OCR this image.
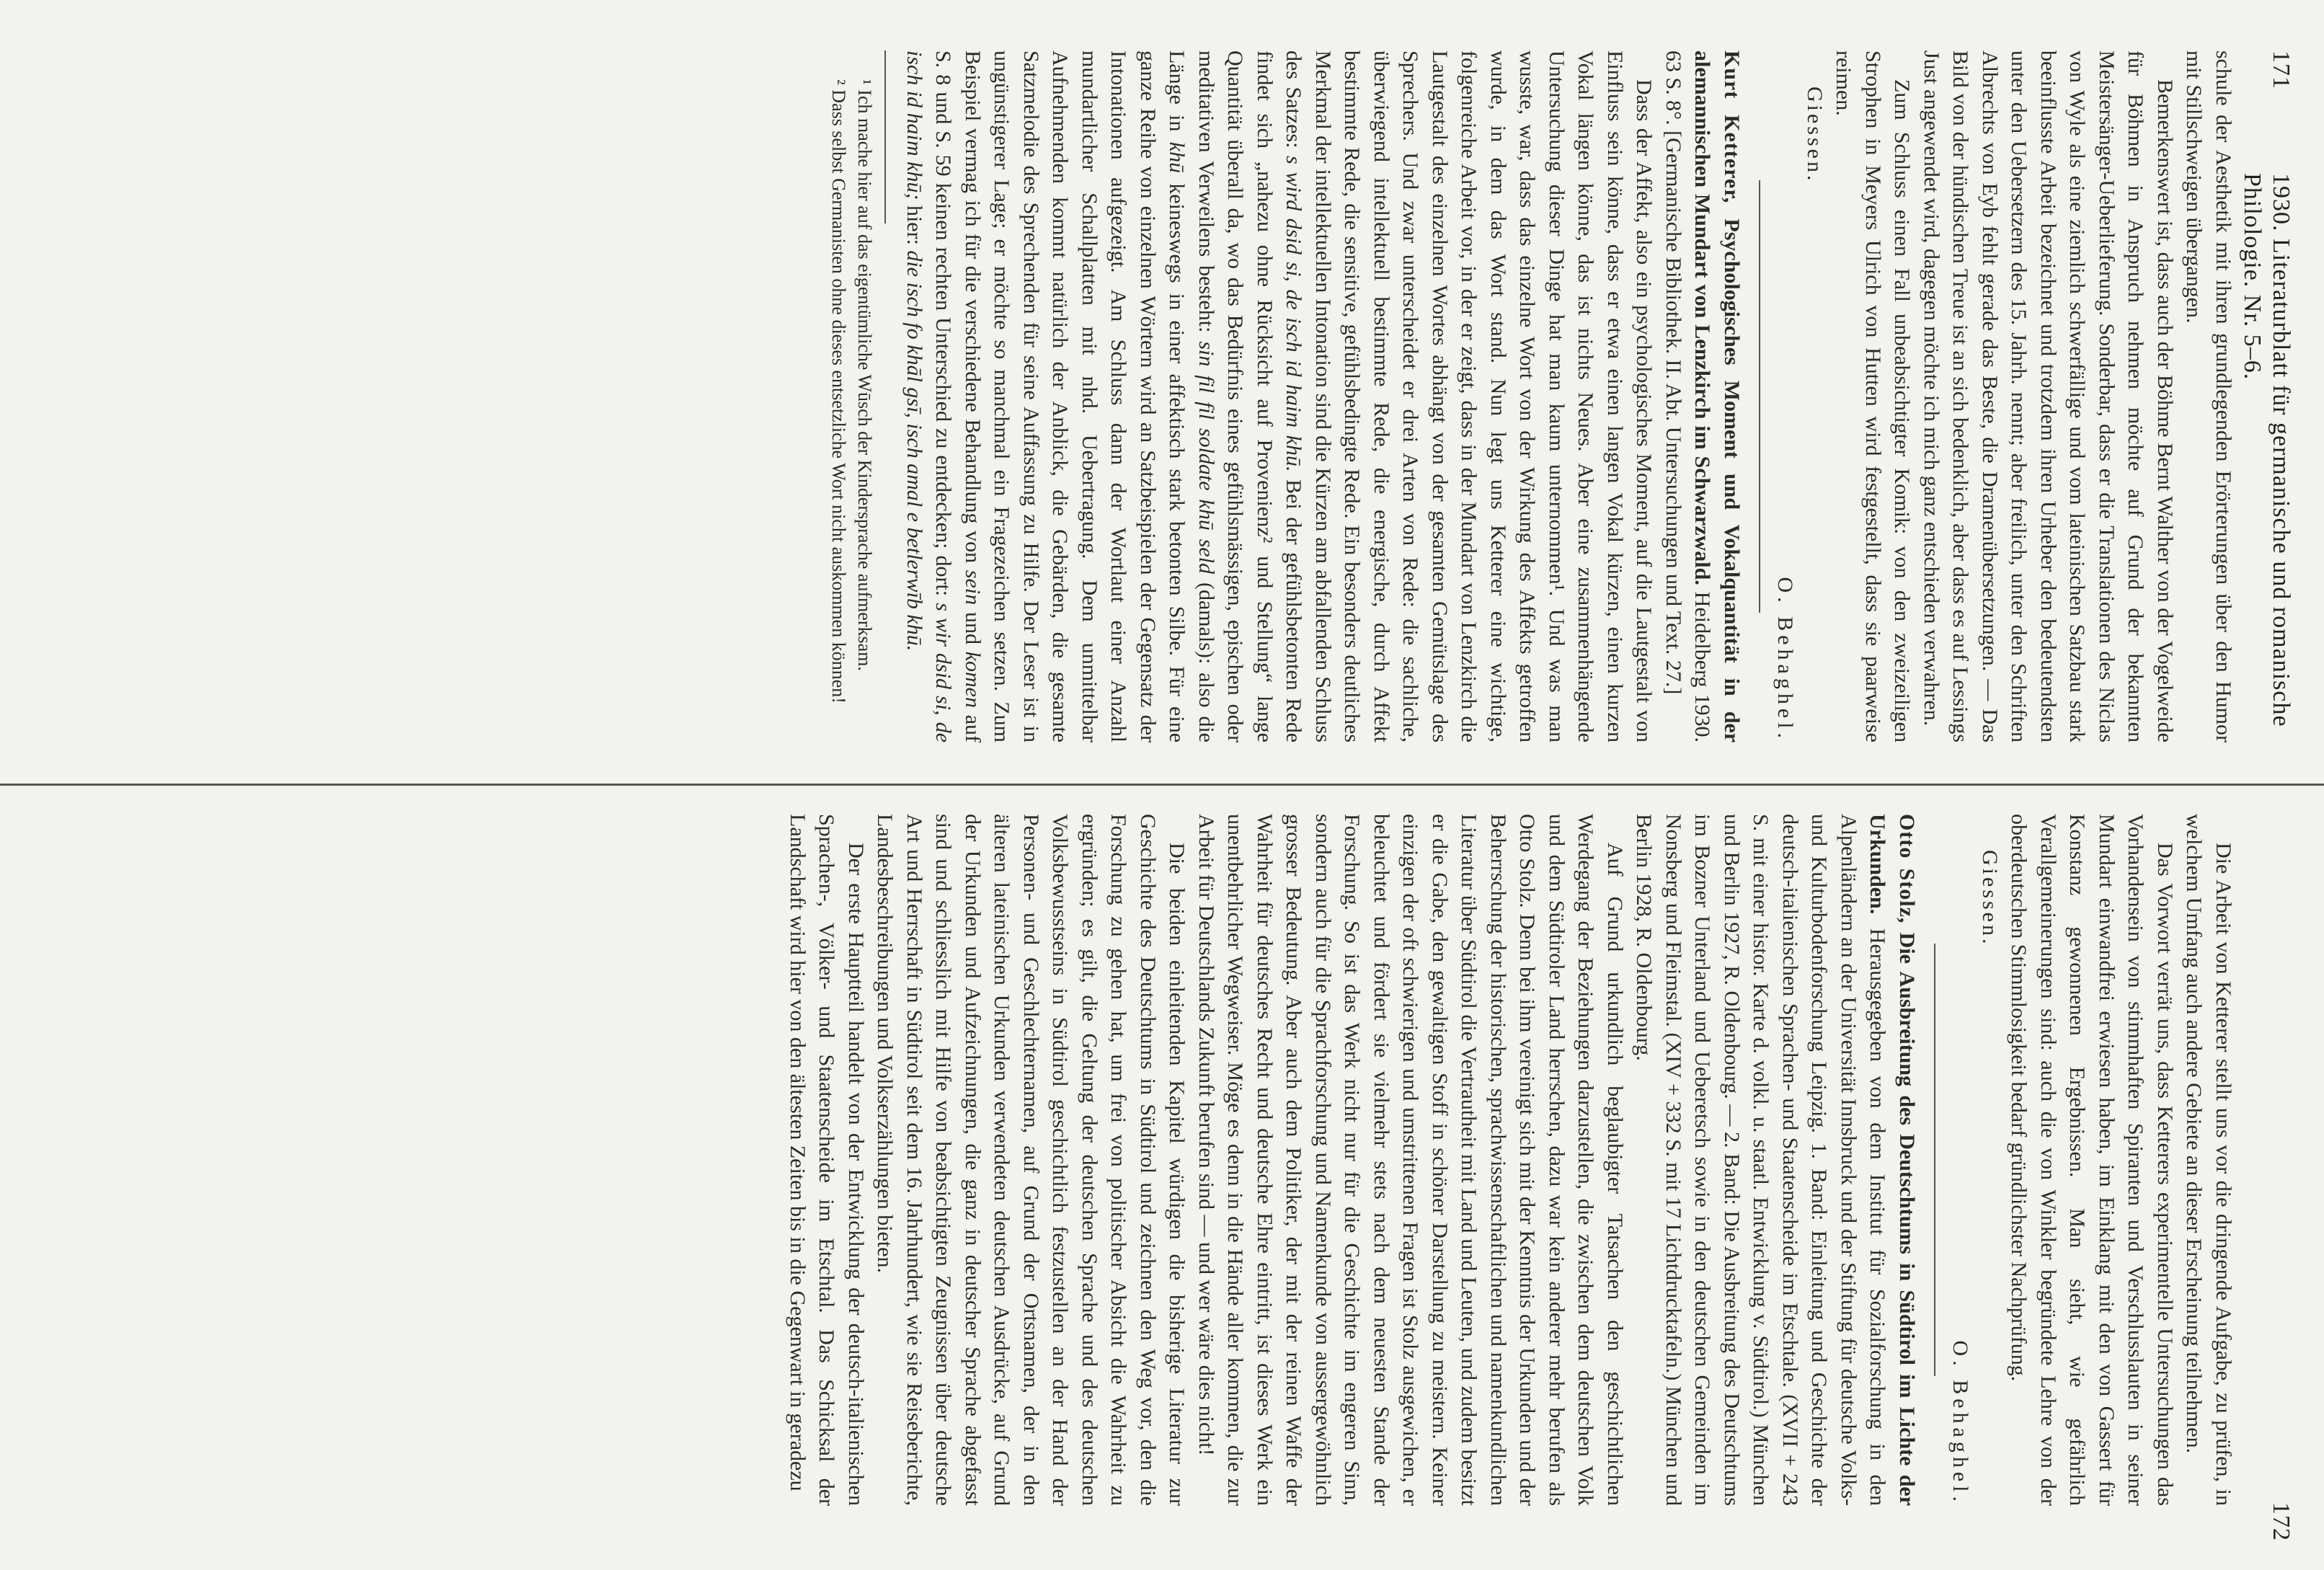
171
1930. Literaturblatt für germanische und romanische Philologie. Nr. 5–6.

schule der Aesthetik mit ihren grundlegenden Erörterungen über den Humor mit Stillschweigen übergangen.

Bemerkenswert ist, dass auch der Böhme Bernt Walther von der Vogelweide für Böhmen in Anspruch nehmen möchte auf Grund der bekannten Meistersänger-Ueberlieferung. Sonderbar, dass er die Translationen des Niclas von Wyle als eine ziemlich schwerfällige und vom lateinischen Satzbau stark beeinflusste Arbeit bezeichnet und trotzdem ihren Urheber den bedeutendsten unter den Uebersetzern des 15. Jahrh. nennt; aber freilich, unter den Schriften Albrechts von Eyb fehlt gerade das Beste, die Dramenübersetzungen. — Das Bild von der hündischen Treue ist an sich bedenklich, aber dass es auf Lessings Just angewendet wird, dagegen möchte ich mich ganz entschieden verwahren.

Zum Schluss einen Fall unbeabsichtigter Komik: von den zweizeiligen Strophen in Meyers Ulrich von Hutten wird festgestellt, dass sie paarweise reimen.

Giessen.

O. Behaghel.

Kurt Ketterer, Psychologisches Moment und Vokalquantität in der alemannischen Mundart von Lenzkirch im Schwarzwald. Heidelberg 1930. 63 S. 8°. [Germanische Bibliothek. II. Abt. Untersuchungen und Text. 27.]

Dass der Affekt, also ein psychologisches Moment, auf die Lautgestalt von Einfluss sein könne, dass er etwa einen langen Vokal kürzen, einen kurzen Vokal längen könne, das ist nichts Neues. Aber eine zusammenhängende Untersuchung dieser Dinge hat man kaum unternommen¹. Und was man wusste, war, dass das einzelne Wort von der Wirkung des Affekts getroffen wurde, in dem das Wort stand. Nun legt uns Ketterer eine wichtige, folgenreiche Arbeit vor, in der er zeigt, dass in der Mundart von Lenzkirch die Lautgestalt des einzelnen Wortes abhängt von der gesamten Gemütslage des Sprechers. Und zwar unterscheidet er drei Arten von Rede: die sachliche, überwiegend intellektuell bestimmte Rede, die energische, durch Affekt bestimmte Rede, die sensitive, gefühlsbedingte Rede. Ein besonders deutliches Merkmal der intellektuellen Intonation sind die Kürzen am abfallenden Schluss des Satzes: s wird dsid si, de isch id haim khū. Bei der gefühlsbetonten Rede findet sich „nahezu ohne Rücksicht auf Provenienz² und Stellung“ lange Quantität überall da, wo das Bedürfnis eines gefühlsmässigen, epischen oder meditativen Verweilens besteht: sin fil fil soldate khū seld (damals): also die Länge in khū keineswegs in einer affektisch stark betonten Silbe. Für eine ganze Reihe von einzelnen Wörtern wird an Satzbeispielen der Gegensatz der Intonationen aufgezeigt. Am Schluss dann der Wortlaut einer Anzahl mundartlicher Schallplatten mit nhd. Uebertragung. Dem unmittelbar Aufnehmenden kommt natürlich der Anblick, die Gebärden, die gesamte Satzmelodie des Sprechenden für seine Auffassung zu Hilfe. Der Leser ist in ungünstigerer Lage; er möchte so manchmal ein Fragezeichen setzen. Zum Beispiel vermag ich für die verschiedene Behandlung von sein und komen auf S. 8 und S. 59 keinen rechten Unterschied zu entdecken; dort: s wir dsid si, de isch id haim khū; hier: die isch fo khāl gsī, isch amal e betlerwīb khū.

¹ Ich mache hier auf das eigentümliche Wūsch der Kindersprache aufmerksam.

² Dass selbst Germanisten ohne dieses entsetzliche Wort nicht auskommen können!

172

Die Arbeit von Ketterer stellt uns vor die dringende Aufgabe, zu prüfen, in welchem Umfang auch andere Gebiete an dieser Erscheinung teilnehmen.

Das Vorwort verrät uns, dass Ketterers experimentelle Untersuchungen das Vorhandensein von stimmhaften Spiranten und Verschlusslauten in seiner Mundart einwandfrei erwiesen haben, im Einklang mit den von Gassert für Konstanz gewonnenen Ergebnissen. Man sieht, wie gefährlich Verallgemeinerungen sind: auch die von Winkler begründete Lehre von der oberdeutschen Stimmlosigkeit bedarf gründlichster Nachprüfung.

Giessen.

O. Behaghel.

Otto Stolz, Die Ausbreitung des Deutschtums in Südtirol im Lichte der Urkunden. Herausgegeben von dem Institut für Sozialforschung in den Alpenländern an der Universität Innsbruck und der Stiftung für deutsche Volks- und Kulturbodenforschung Leipzig. 1. Band: Einleitung und Geschichte der deutsch-italienischen Sprachen- und Staatenscheide im Etschtale. (XVII + 243 S. mit einer histor. Karte d. volkl. u. staatl. Entwicklung v. Südtirol.) München und Berlin 1927, R. Oldenbourg. — 2. Band: Die Ausbreitung des Deutschtums im Bozner Unterland und Ueberetsch sowie in den deutschen Gemeinden im Nonsberg und Fleimstal. (XIV + 332 S. mit 17 Lichtdrucktafeln.) München und Berlin 1928, R. Oldenbourg.

Auf Grund urkundlich beglaubigter Tatsachen den geschichtlichen Werdegang der Beziehungen darzustellen, die zwischen dem deutschen Volk und dem Südtiroler Land herrschen, dazu war kein anderer mehr berufen als Otto Stolz. Denn bei ihm vereinigt sich mit der Kenntnis der Urkunden und der Beherrschung der historischen, sprachwissenschaftlichen und namenkundlichen Literatur über Südtirol die Vertrautheit mit Land und Leuten, und zudem besitzt er die Gabe, den gewaltigen Stoff in schöner Darstellung zu meistern. Keiner einzigen der oft schwierigen und umstrittenen Fragen ist Stolz ausgewichen, er beleuchtet und fördert sie vielmehr stets nach dem neuesten Stande der Forschung. So ist das Werk nicht nur für die Geschichte im engeren Sinn, sondern auch für die Sprachforschung und Namenkunde von aussergewöhnlich grosser Bedeutung. Aber auch dem Politiker, der mit der reinen Waffe der Wahrheit für deutsches Recht und deutsche Ehre eintritt, ist dieses Werk ein unentbehrlicher Wegweiser. Möge es denn in die Hände aller kommen, die zur Arbeit für Deutschlands Zukunft berufen sind — und wer wäre dies nicht!

Die beiden einleitenden Kapitel würdigen die bisherige Literatur zur Geschichte des Deutschtums in Südtirol und zeichnen den Weg vor, den die Forschung zu gehen hat, um frei von politischer Absicht die Wahrheit zu ergründen; es gilt, die Geltung der deutschen Sprache und des deutschen Volksbewusstseins in Südtirol geschichtlich festzustellen an der Hand der Personen- und Geschlechternamen, auf Grund der Ortsnamen, der in den älteren lateinischen Urkunden verwendeten deutschen Ausdrücke, auf Grund der Urkunden und Aufzeichnungen, die ganz in deutscher Sprache abgefasst sind und schliesslich mit Hilfe von beabsichtigten Zeugnissen über deutsche Art und Herrschaft in Südtirol seit dem 16. Jahrhundert, wie sie Reiseberichte, Landesbeschreibungen und Volkserzählungen bieten.

Der erste Hauptteil handelt von der Entwicklung der deutsch-italienischen Sprachen-, Völker- und Staatenscheide im Etschtal. Das Schicksal der Landschaft wird hier von den ältesten Zeiten bis in die Gegenwart in geradezu
